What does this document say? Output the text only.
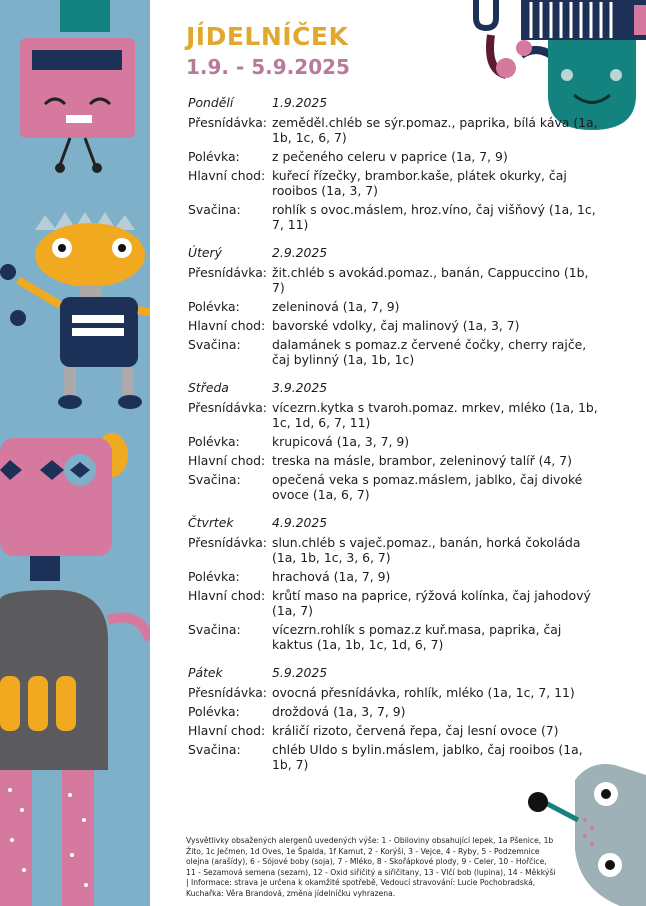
JÍDELNÍČEK
1.9. - 5.9.2025
Pondělí	1.9.2025
Přesnídávka: zeměděl.chléb se sýr.pomaz., paprika, bílá káva (1a, 1b, 1c, 6, 7)
Polévka:	z pečeného celeru v paprice (1a, 7, 9)
Hlavní chod: kuřecí řízečky, brambor.kaše, plátek okurky, čaj rooibos (1a, 3, 7)
Svačina:	rohlík s ovoc.máslem, hroz.víno, čaj višňový (1a, 1c, 7, 11)
Úterý	2.9.2025
Přesnídávka: žit.chléb s avokád.pomaz., banán, Cappuccino (1b, 7)
Polévka:	zeleninová (1a, 7, 9)
Hlavní chod: bavorské vdolky, čaj malinový (1a, 3, 7)
Svačina:	dalamánek s pomaz.z červené čočky, cherry rajče, čaj bylinný (1a, 1b, 1c)
Středa	3.9.2025
Přesnídávka: vícezrn.kytka s tvaroh.pomaz. mrkev, mléko (1a, 1b, 1c, 1d, 6, 7, 11)
Polévka:	krupicová (1a, 3, 7, 9)
Hlavní chod: treska na másle, brambor, zeleninový talíř (4, 7)
Svačina:	opečená veka s pomaz.máslem, jablko, čaj divoké ovoce (1a, 6, 7)
Čtvrtek	4.9.2025
Přesnídávka: slun.chléb s vaječ.pomaz., banán, horká čokoláda (1a, 1b, 1c, 3, 6, 7)
Polévka:	hrachová (1a, 7, 9)
Hlavní chod: krůtí maso na paprice, rýžová kolínka, čaj jahodový (1a, 7)
Svačina:	vícezrn.rohlík s pomaz.z kuř.masa, paprika, čaj kaktus (1a, 1b, 1c, 1d, 6, 7)
Pátek	5.9.2025
Přesnídávka: ovocná přesnídávka, rohlík, mléko (1a, 1c, 7, 11)
Polévka:	droždová (1a, 3, 7, 9)
Hlavní chod: králičí rizoto, červená řepa, čaj lesní ovoce (7)
Svačina:	chléb Uldo s bylin.máslem, jablko, čaj rooibos (1a, 1b, 7)
Vysvětlivky obsažených alergenů uvedených výše: 1 - Obiloviny obsahující lepek, 1a Pšenice, 1b Žito, 1c Ječmen, 1d Oves, 1e Špalda, 1f Kamut, 2 - Korýši, 3 - Vejce, 4 - Ryby, 5 - Podzemnice olejna (arašídy), 6 - Sójové boby (soja), 7 - Mléko, 8 - Skořápkové plody, 9 - Celer, 10 - Hořčice, 11 - Sezamová semena (sezam), 12 - Oxid siřičitý a siřičitany, 13 - Vlčí bob (lupina), 14 - Měkkýši | Informace: strava je určena k okamžité spotřebě, Vedoucí stravování: Lucie Pochobradská, Kuchařka: Věra Brandová, změna jídelníčku vyhrazena.
